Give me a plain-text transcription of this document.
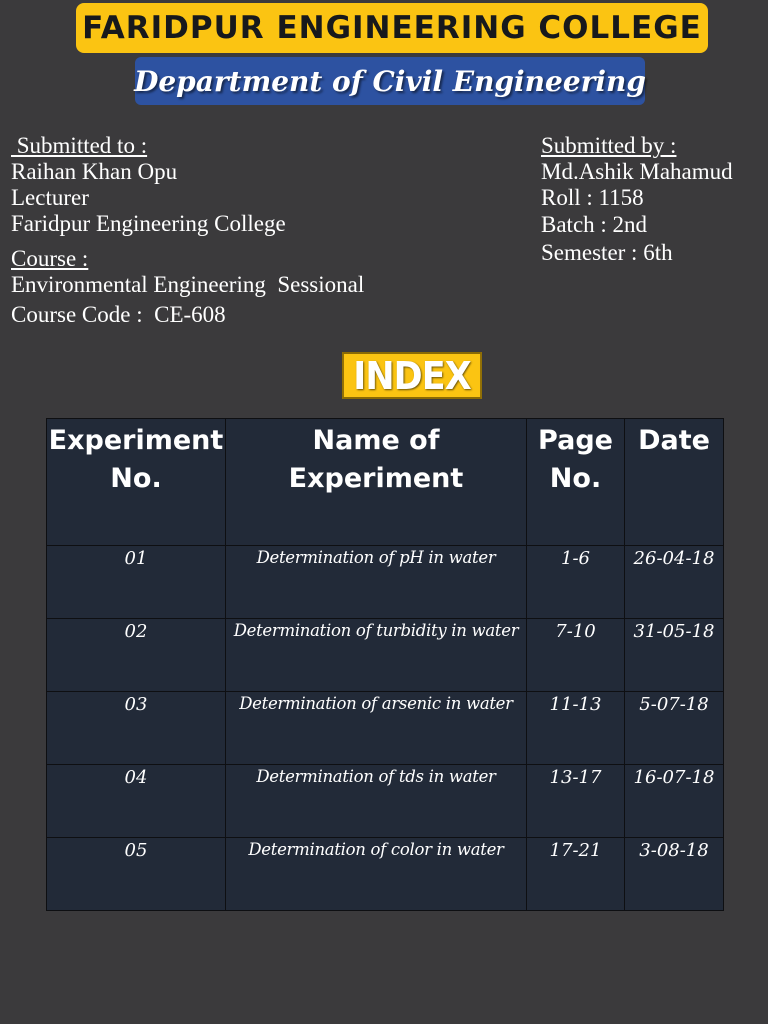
FARIDPUR ENGINEERING COLLEGE
Department of Civil Engineering
Submitted to :
Raihan Khan Opu
Lecturer
Faridpur Engineering College
Course :
Environmental Engineering  Sessional
Course Code :  CE-608
Submitted by :
Md.Ashik Mahamud
Roll : 1158
Batch : 2nd
Semester : 6th
INDEX
Experiment No.	Name of Experiment	Page No.	Date
01	Determination of pH in water	1-6	26-04-18
02	Determination of turbidity in water	7-10	31-05-18
03	Determination of arsenic in water	11-13	5-07-18
04	Determination of tds in water	13-17	16-07-18
05	Determination of color in water	17-21	3-08-18
